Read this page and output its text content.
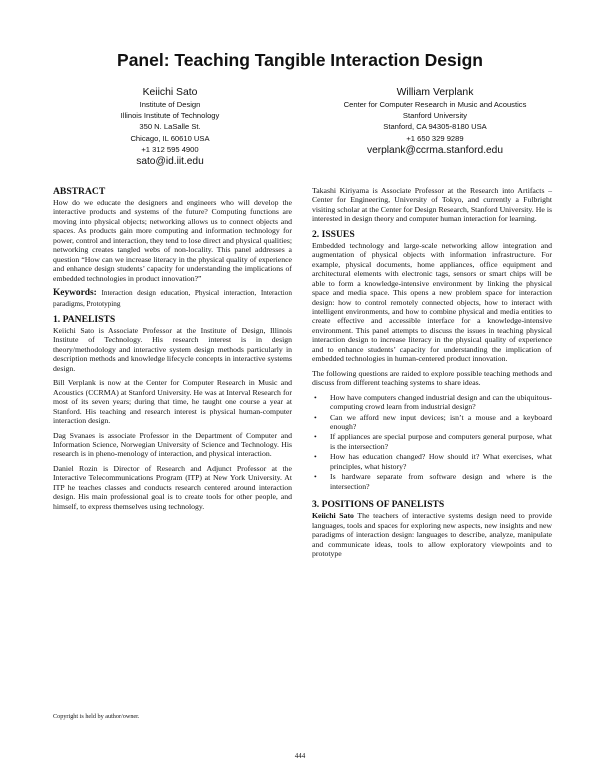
Panel: Teaching Tangible Interaction Design
Keiichi Sato
Institute of Design
Illinois Institute of Technology
350 N. LaSalle St.
Chicago, IL 60610 USA
+1 312 595 4900
sato@id.iit.edu
William Verplank
Center for Computer Research in Music and Acoustics
Stanford University
Stanford, CA 94305-8180 USA
+1 650 329 9289
verplank@ccrma.stanford.edu
ABSTRACT

How do we educate the designers and engineers who will develop the interactive products and systems of the future? Computing functions are moving into physical objects; networking allows us to connect objects and spaces. As products gain more computing and information technology for power, control and interaction, they tend to lose direct and physical qualities; networking creates tangled webs of non-locality. This panel addresses a question “How can we increase literacy in the physical quality of experience and enhance design students’ capacity for understanding the implications of embedded technologies in product innovation?”

Keywords: Interaction design education, Physical interaction, Interaction paradigms, Prototyping

1. PANELISTS

Keiichi Sato is Associate Professor at the Institute of Design, Illinois Institute of Technology. His research interest is in design theory/methodology and interactive system design methods particularly in description methods and knowledge lifecycle concepts in interactive systems design.

Bill Verplank is now at the Center for Computer Research in Music and Acoustics (CCRMA) at Stanford University. He was at Interval Research for most of its seven years; during that time, he taught one course a year at Stanford. His teaching and research interest is physical human-computer interaction design.

Dag Svanaes is associate Professor in the Department of Computer and Information Science, Norwegian University of Science and Technology. His research is in pheno-menology of interaction, and physical interaction.

Daniel Rozin is Director of Research and Adjunct Professor at the Interactive Telecommunications Program (ITP) at New York University. At ITP he teaches classes and conducts research centered around interaction design. His main professional goal is to create tools for other people, and himself, to express themselves using technology.

Takashi Kiriyama is Associate Professor at the Research into Artifacts –Center for Engineering, University of Tokyo, and currently a Fulbright visiting scholar at the Center for Design Research, Stanford University. He is interested in design theory and computer human interaction for learning.

2. ISSUES

Embedded technology and large-scale networking allow integration and augmentation of physical objects with information infrastructure. For example, physical documents, home appliances, office equipment and architectural elements with electronic tags, sensors or smart chips will be able to form a knowledge-intensive environment by linking the physical space and media space. This opens a new problem space for interaction design: how to control remotely connected objects, how to interact with intelligent environments, and how to combine physical and media entities to create effective and accessible interface for a knowledge-intensive environment. This panel attempts to discuss the issues in teaching physical interaction design to increase literacy in the physical quality of experience and to enhance students’ capacity for understanding the implication of embedded technologies in human-centered product innovation.

The following questions are raided to explore possible teaching methods and discuss from different teaching systems to share ideas.

• How have computers changed industrial design and can the ubiquitous-computing crowd learn from industrial design?
• Can we afford new input devices; isn’t a mouse and a keyboard enough?
• If appliances are special purpose and computers general purpose, what is the intersection?
• How has education changed? How should it? What exercises, what principles, what history?
• Is hardware separate from software design and where is the intersection?
3. POSITIONS OF PANELISTS

Keiichi Sato The teachers of interactive systems design need to provide languages, tools and spaces for exploring new aspects, new insights and new paradigms of interaction design: languages to describe, analyze, manipulate and communicate ideas, tools to allow exploratory viewpoints and to prototype

Copyright is held by author/owner.
444
